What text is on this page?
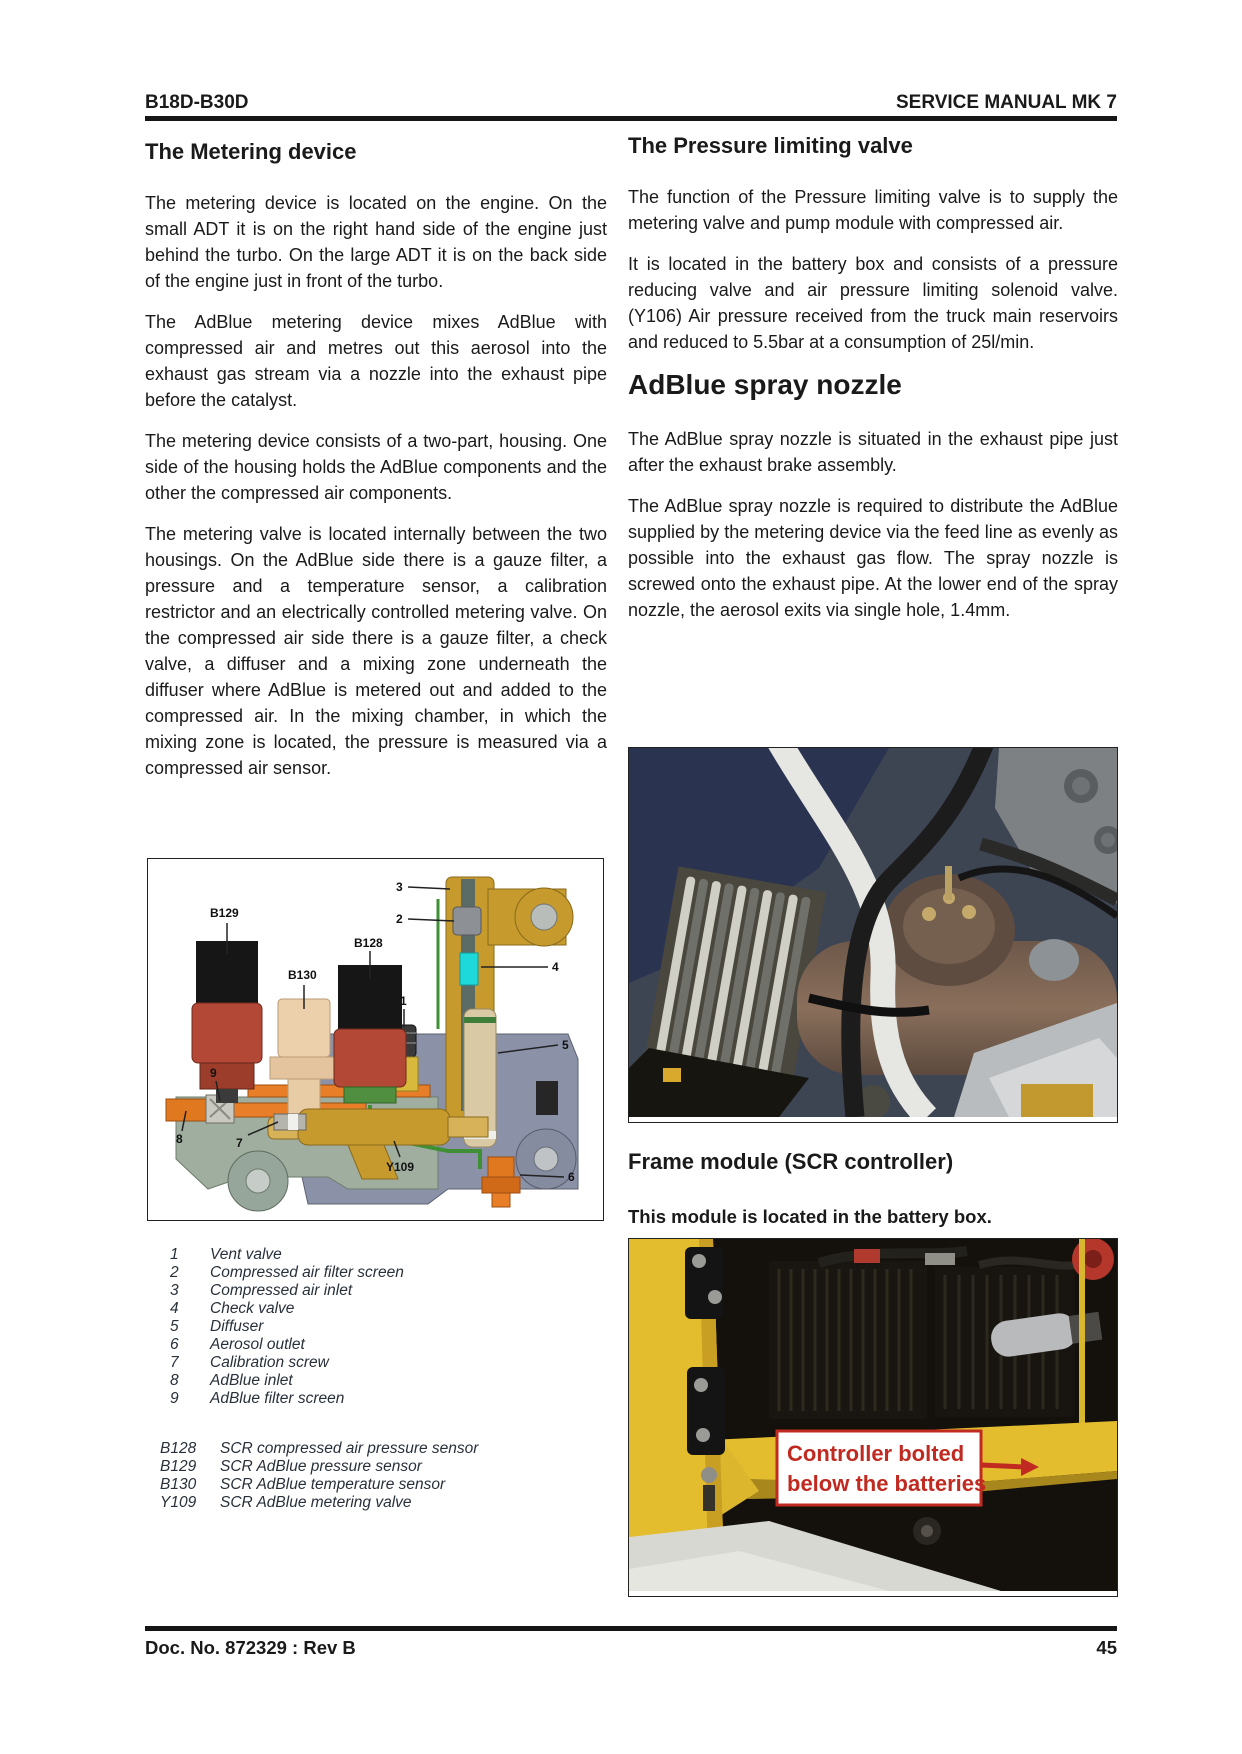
B18D-B30D	SERVICE MANUAL MK 7
The Metering device

The metering device is located on the engine. On the small ADT it is on the right hand side of the engine just behind the turbo. On the large ADT it is on the back side of the engine just in front of the turbo.

The AdBlue metering device mixes AdBlue with compressed air and metres out this aerosol into the exhaust gas stream via a nozzle into the exhaust pipe before the catalyst.

The metering device consists of a two-part, housing. One side of the housing holds the AdBlue components and the other the compressed air components.

The metering valve is located internally between the two housings. On the AdBlue side there is a gauze filter, a pressure and a temperature sensor, a calibration restrictor and an electrically controlled metering valve. On the compressed air side there is a gauze filter, a check valve, a diffuser and a mixing zone underneath the diffuser where AdBlue is metered out and added to the compressed air. In the mixing chamber, in which the mixing zone is located, the pressure is measured via a compressed air sensor.

3
2
4
5
1
B129
B130
B128
9
8	7
Y109
6
1	Vent valve
2	Compressed air filter screen
3	Compressed air inlet
4	Check valve
5	Diffuser
6	Aerosol outlet
7	Calibration screw
8	AdBlue inlet
9	AdBlue filter screen
B128	SCR compressed air pressure sensor
B129	SCR AdBlue pressure sensor
B130	SCR AdBlue temperature sensor
Y109	SCR AdBlue metering valve
The Pressure limiting valve

The function of the Pressure limiting valve is to supply the metering valve and pump module with compressed air.

It is located in the battery box and consists of a pressure reducing valve and air pressure limiting solenoid valve. (Y106) Air pressure received from the truck main reservoirs and reduced to 5.5bar at a consumption of 25l/min.

AdBlue spray nozzle

The AdBlue spray nozzle is situated in the exhaust pipe just after the exhaust brake assembly.

The AdBlue spray nozzle is required to distribute the AdBlue supplied by the metering device via the feed line as evenly as possible into the exhaust gas flow. The spray nozzle is screwed onto the exhaust pipe. At the lower end of the spray nozzle, the aerosol exits via single hole, 1.4mm.

Frame module (SCR controller)
This module is located in the battery box.
Controller bolted
below the batteries
Doc. No. 872329 : Rev B	45
